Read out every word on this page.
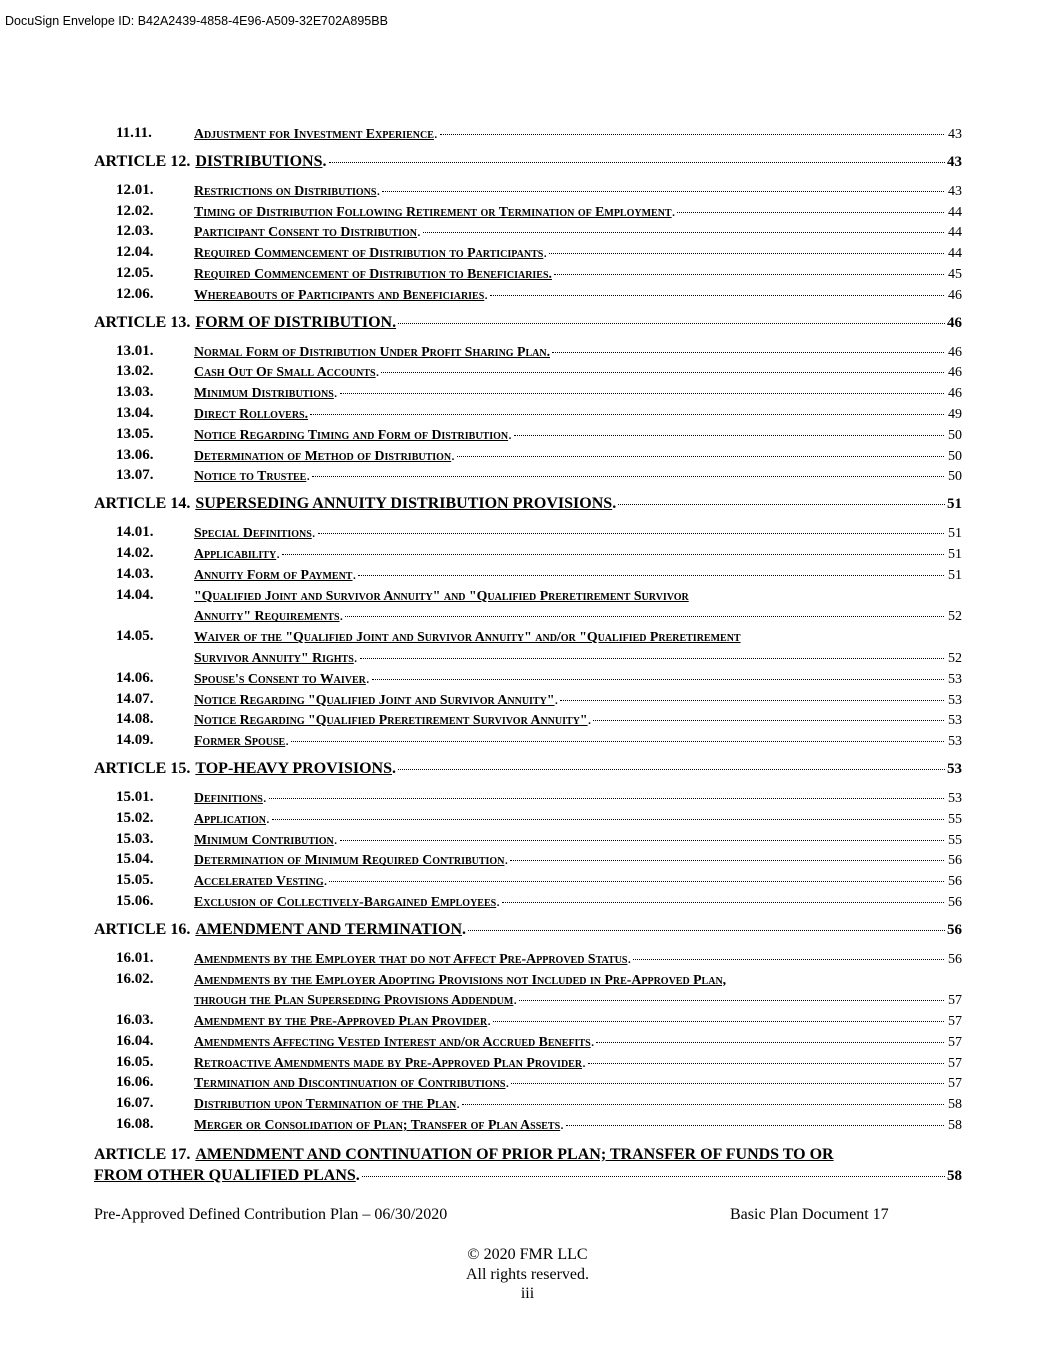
DocuSign Envelope ID: B42A2439-4858-4E96-A509-32E702A895BB
11.11.	Adjustment for Investment Experience.	43
ARTICLE 12. DISTRIBUTIONS.	43
12.01.	Restrictions on Distributions.	43
12.02.	Timing of Distribution Following Retirement or Termination of Employment.	44
12.03.	Participant Consent to Distribution.	44
12.04.	Required Commencement of Distribution to Participants.	44
12.05.	Required Commencement of Distribution to Beneficiaries.	45
12.06.	Whereabouts of Participants and Beneficiaries.	46
ARTICLE 13. FORM OF DISTRIBUTION.	46
13.01.	Normal Form of Distribution Under Profit Sharing Plan.	46
13.02.	Cash Out Of Small Accounts.	46
13.03.	Minimum Distributions.	46
13.04.	Direct Rollovers.	49
13.05.	Notice Regarding Timing and Form of Distribution.	50
13.06.	Determination of Method of Distribution.	50
13.07.	Notice to Trustee.	50
ARTICLE 14. SUPERSEDING ANNUITY DISTRIBUTION PROVISIONS.	51
14.01.	Special Definitions.	51
14.02.	Applicability.	51
14.03.	Annuity Form of Payment.	51
14.04.	"Qualified Joint and Survivor Annuity" and "Qualified Preretirement Survivor
Annuity" Requirements.	52
14.05.	Waiver of the "Qualified Joint and Survivor Annuity" and/or "Qualified Preretirement
Survivor Annuity" Rights.	52
14.06.	Spouse's Consent to Waiver.	53
14.07.	Notice Regarding "Qualified Joint and Survivor Annuity".	53
14.08.	Notice Regarding "Qualified Preretirement Survivor Annuity".	53
14.09.	Former Spouse.	53
ARTICLE 15. TOP-HEAVY PROVISIONS.	53
15.01.	Definitions.	53
15.02.	Application.	55
15.03.	Minimum Contribution.	55
15.04.	Determination of Minimum Required Contribution.	56
15.05.	Accelerated Vesting.	56
15.06.	Exclusion of Collectively-Bargained Employees.	56
ARTICLE 16. AMENDMENT AND TERMINATION.	56
16.01.	Amendments by the Employer that do not Affect Pre-Approved Status.	56
16.02.	Amendments by the Employer Adopting Provisions not Included in Pre-Approved Plan,
through the Plan Superseding Provisions Addendum.	57
16.03.	Amendment by the Pre-Approved Plan Provider.	57
16.04.	Amendments Affecting Vested Interest and/or Accrued Benefits.	57
16.05.	Retroactive Amendments made by Pre-Approved Plan Provider.	57
16.06.	Termination and Discontinuation of Contributions.	57
16.07.	Distribution upon Termination of the Plan.	58
16.08.	Merger or Consolidation of Plan; Transfer of Plan Assets.	58
ARTICLE 17. AMENDMENT AND CONTINUATION OF PRIOR PLAN; TRANSFER OF FUNDS TO OR
FROM OTHER QUALIFIED PLANS.	58
Pre-Approved Defined Contribution Plan – 06/30/2020	Basic Plan Document 17
© 2020 FMR LLC
All rights reserved.
iii
